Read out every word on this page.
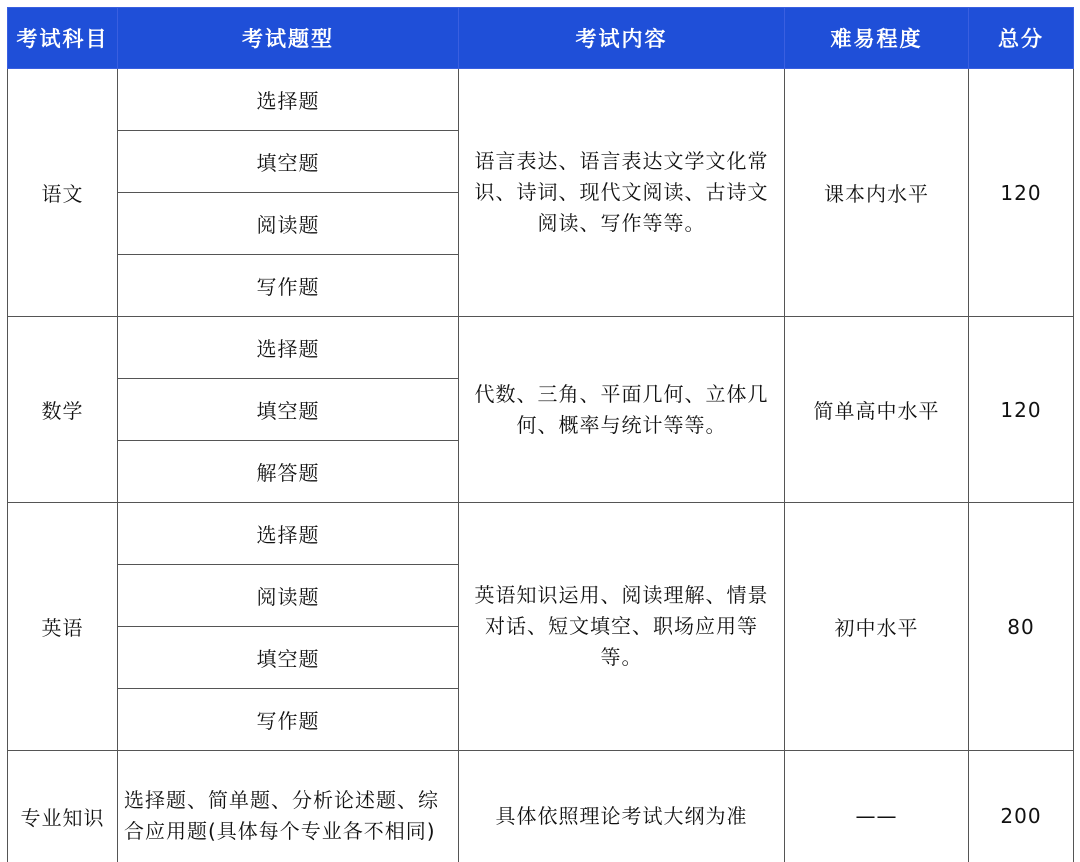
考试科目	考试题型	考试内容	难易程度	总分
语文	选择题	语言表达、语言表达文学文化常识、诗词、现代文阅读、古诗文阅读、写作等等。	课本内水平	120
	填空题			
	阅读题			
	写作题			
数学	选择题	代数、三角、平面几何、立体几何、概率与统计等等。	简单高中水平	120
	填空题			
	解答题			
英语	选择题	英语知识运用、阅读理解、情景对话、短文填空、职场应用等等。	初中水平	80
	阅读题			
	填空题			
	写作题			
专业知识	选择题、简单题、分析论述题、综合应用题(具体每个专业各不相同)	具体依照理论考试大纲为准	——	200
